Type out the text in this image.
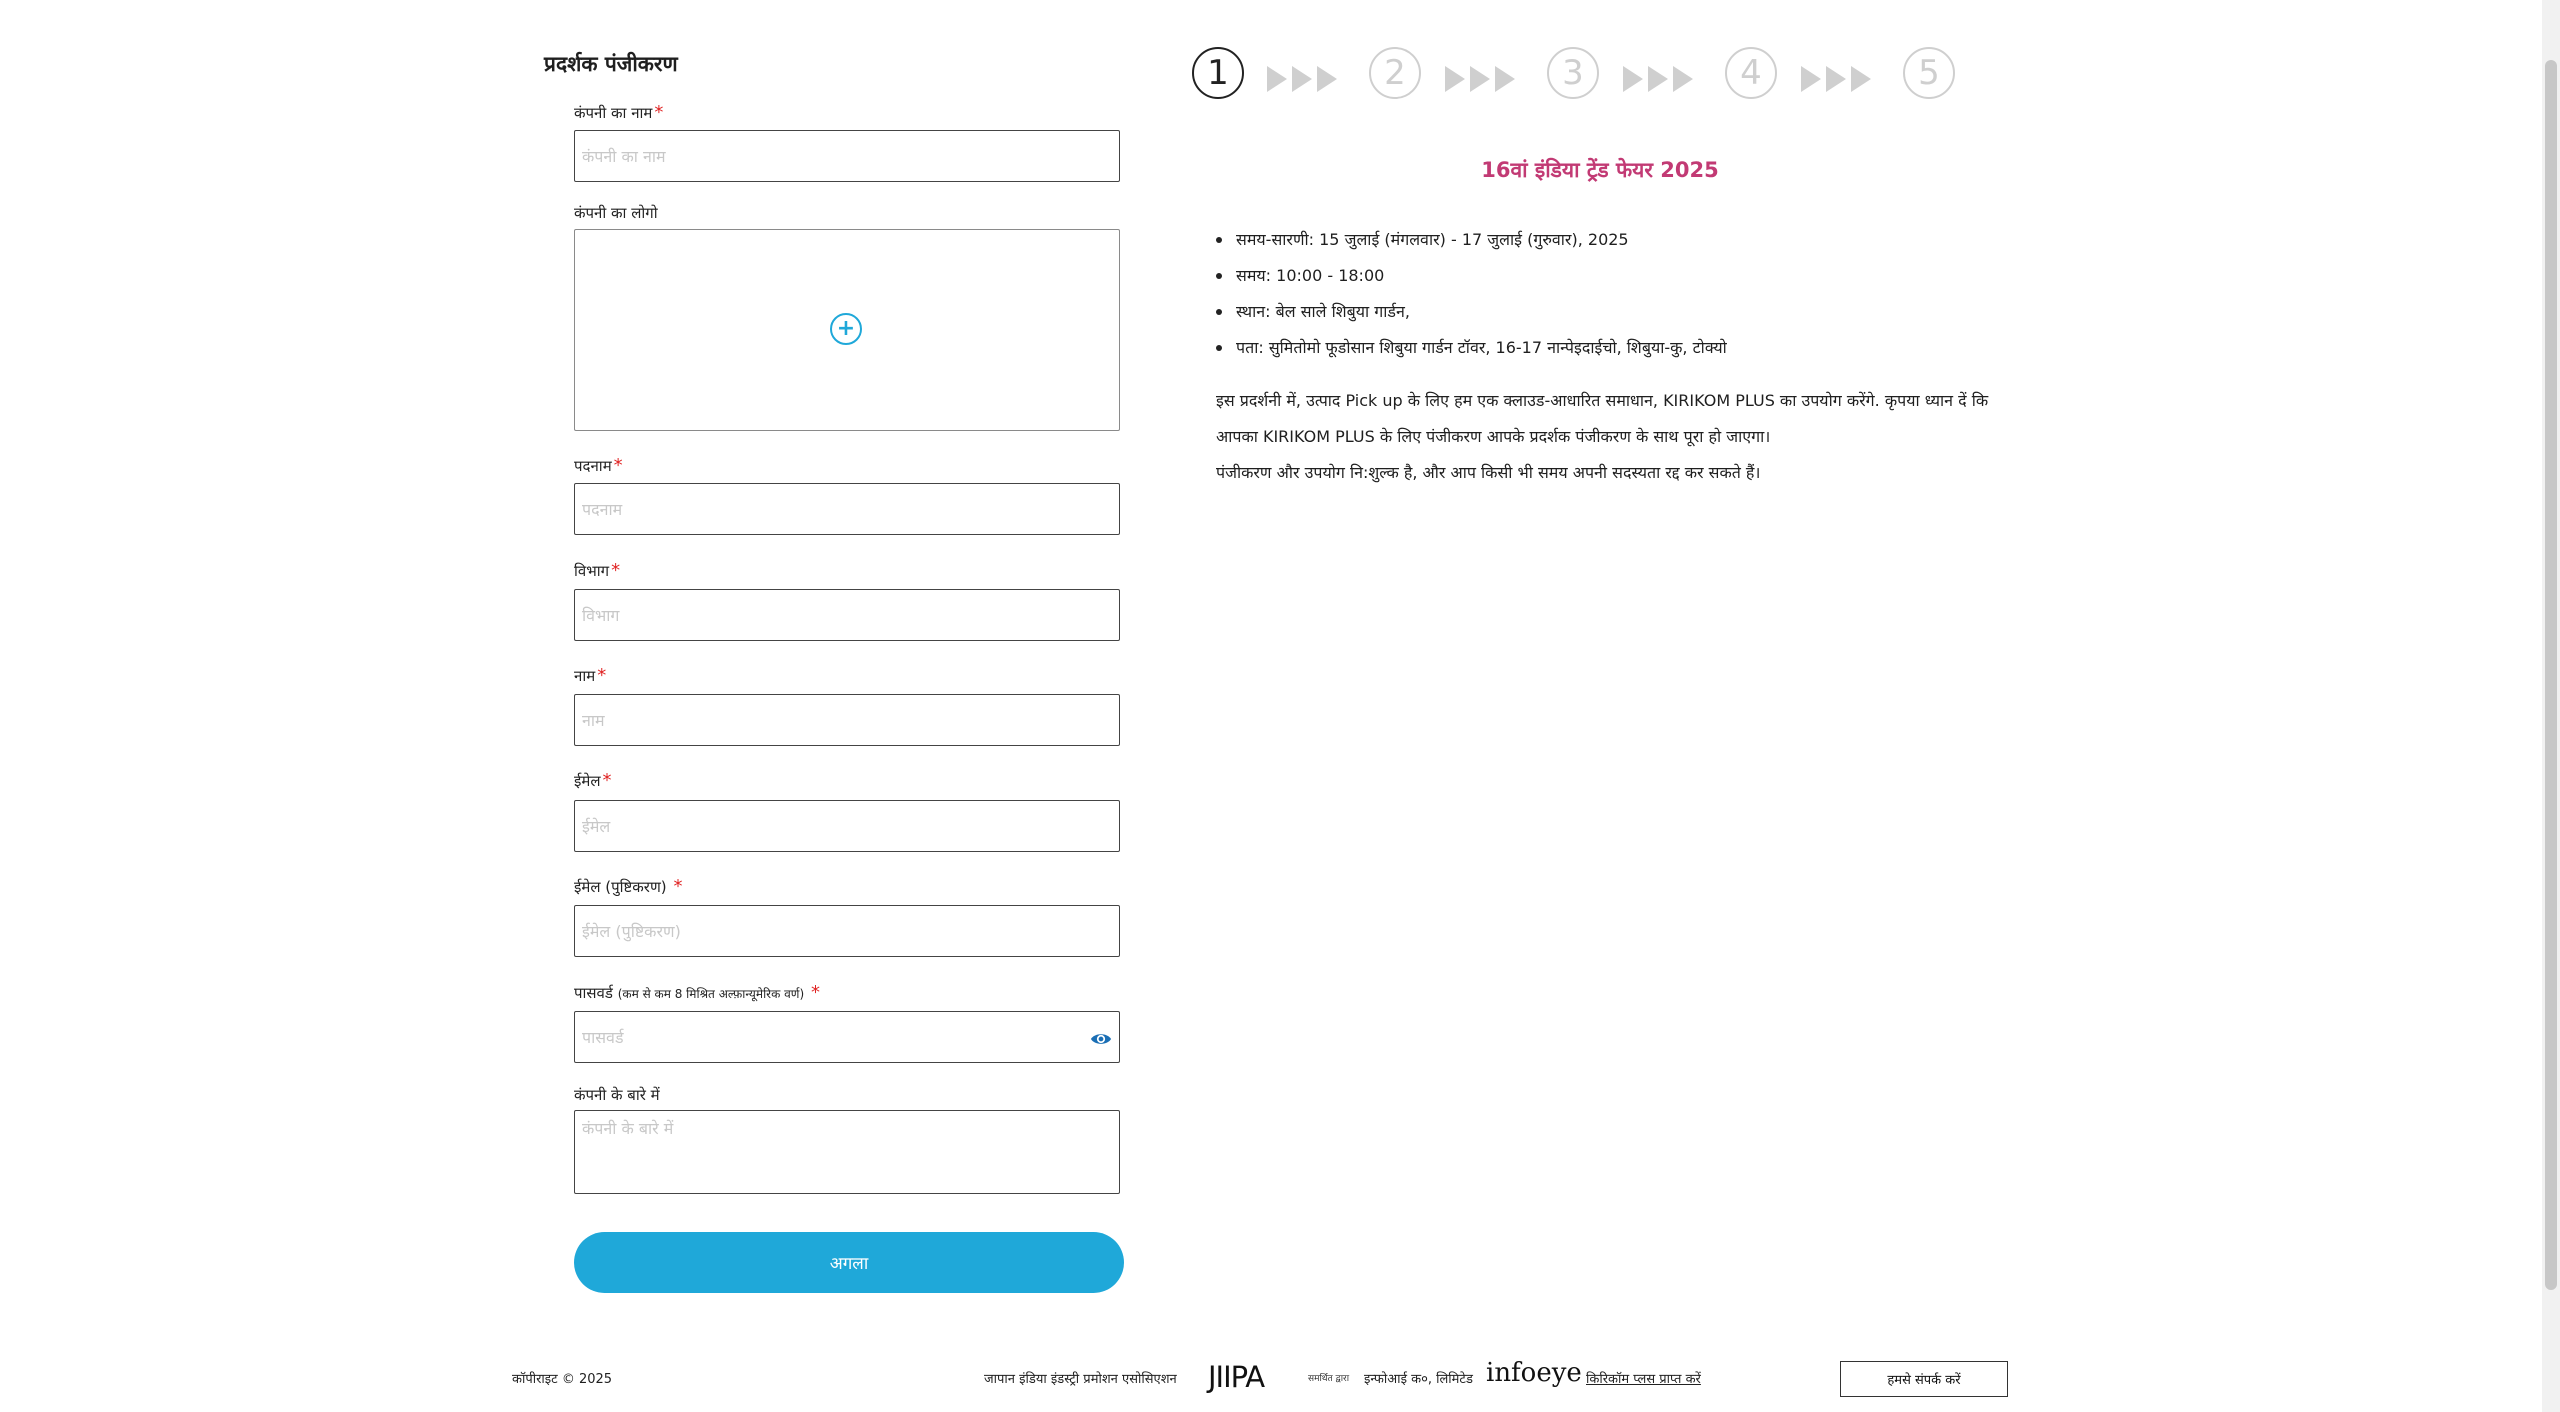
प्रदर्शक पंजीकरण
कंपनी का नाम *
कंपनी का नाम
कंपनी का लोगो
+
पदनाम *
पदनाम
विभाग *
विभाग
नाम *
नाम
ईमेल *
ईमेल
ईमेल (पुष्टिकरण) *
ईमेल (पुष्टिकरण)
पासवर्ड (कम से कम 8 मिश्रित अल्फ़ान्यूमेरिक वर्ण) *
कंपनी के बारे में
कंपनी के बारे में
अगला
1	2	3	4	5
16वां इंडिया ट्रेंड फेयर 2025
समय-सारणी: 15 जुलाई (मंगलवार) - 17 जुलाई (गुरुवार), 2025
समय: 10:00 - 18:00
स्थान: बेल साले शिबुया गार्डन,
पता: सुमितोमो फूडोसान शिबुया गार्डन टॉवर, 16-17 नान्पेइदाईचो, शिबुया-कु, टोक्यो
इस प्रदर्शनी में, उत्पाद Pick up के लिए हम एक क्लाउड-आधारित समाधान, KIRIKOM PLUS का उपयोग करेंगे. कृपया ध्यान दें कि आपका KIRIKOM PLUS के लिए पंजीकरण आपके प्रदर्शक पंजीकरण के साथ पूरा हो जाएगा।
पंजीकरण और उपयोग नि:शुल्क है, और आप किसी भी समय अपनी सदस्यता रद्द कर सकते हैं।
कॉपीराइट © 2025	जापान इंडिया इंडस्ट्री प्रमोशन एसोसिएशन JIIPA	समर्थित द्वारा इन्फोआई क०, लिमिटेड infoeye किरिकॉम प्लस प्राप्त करें	हमसे संपर्क करें
